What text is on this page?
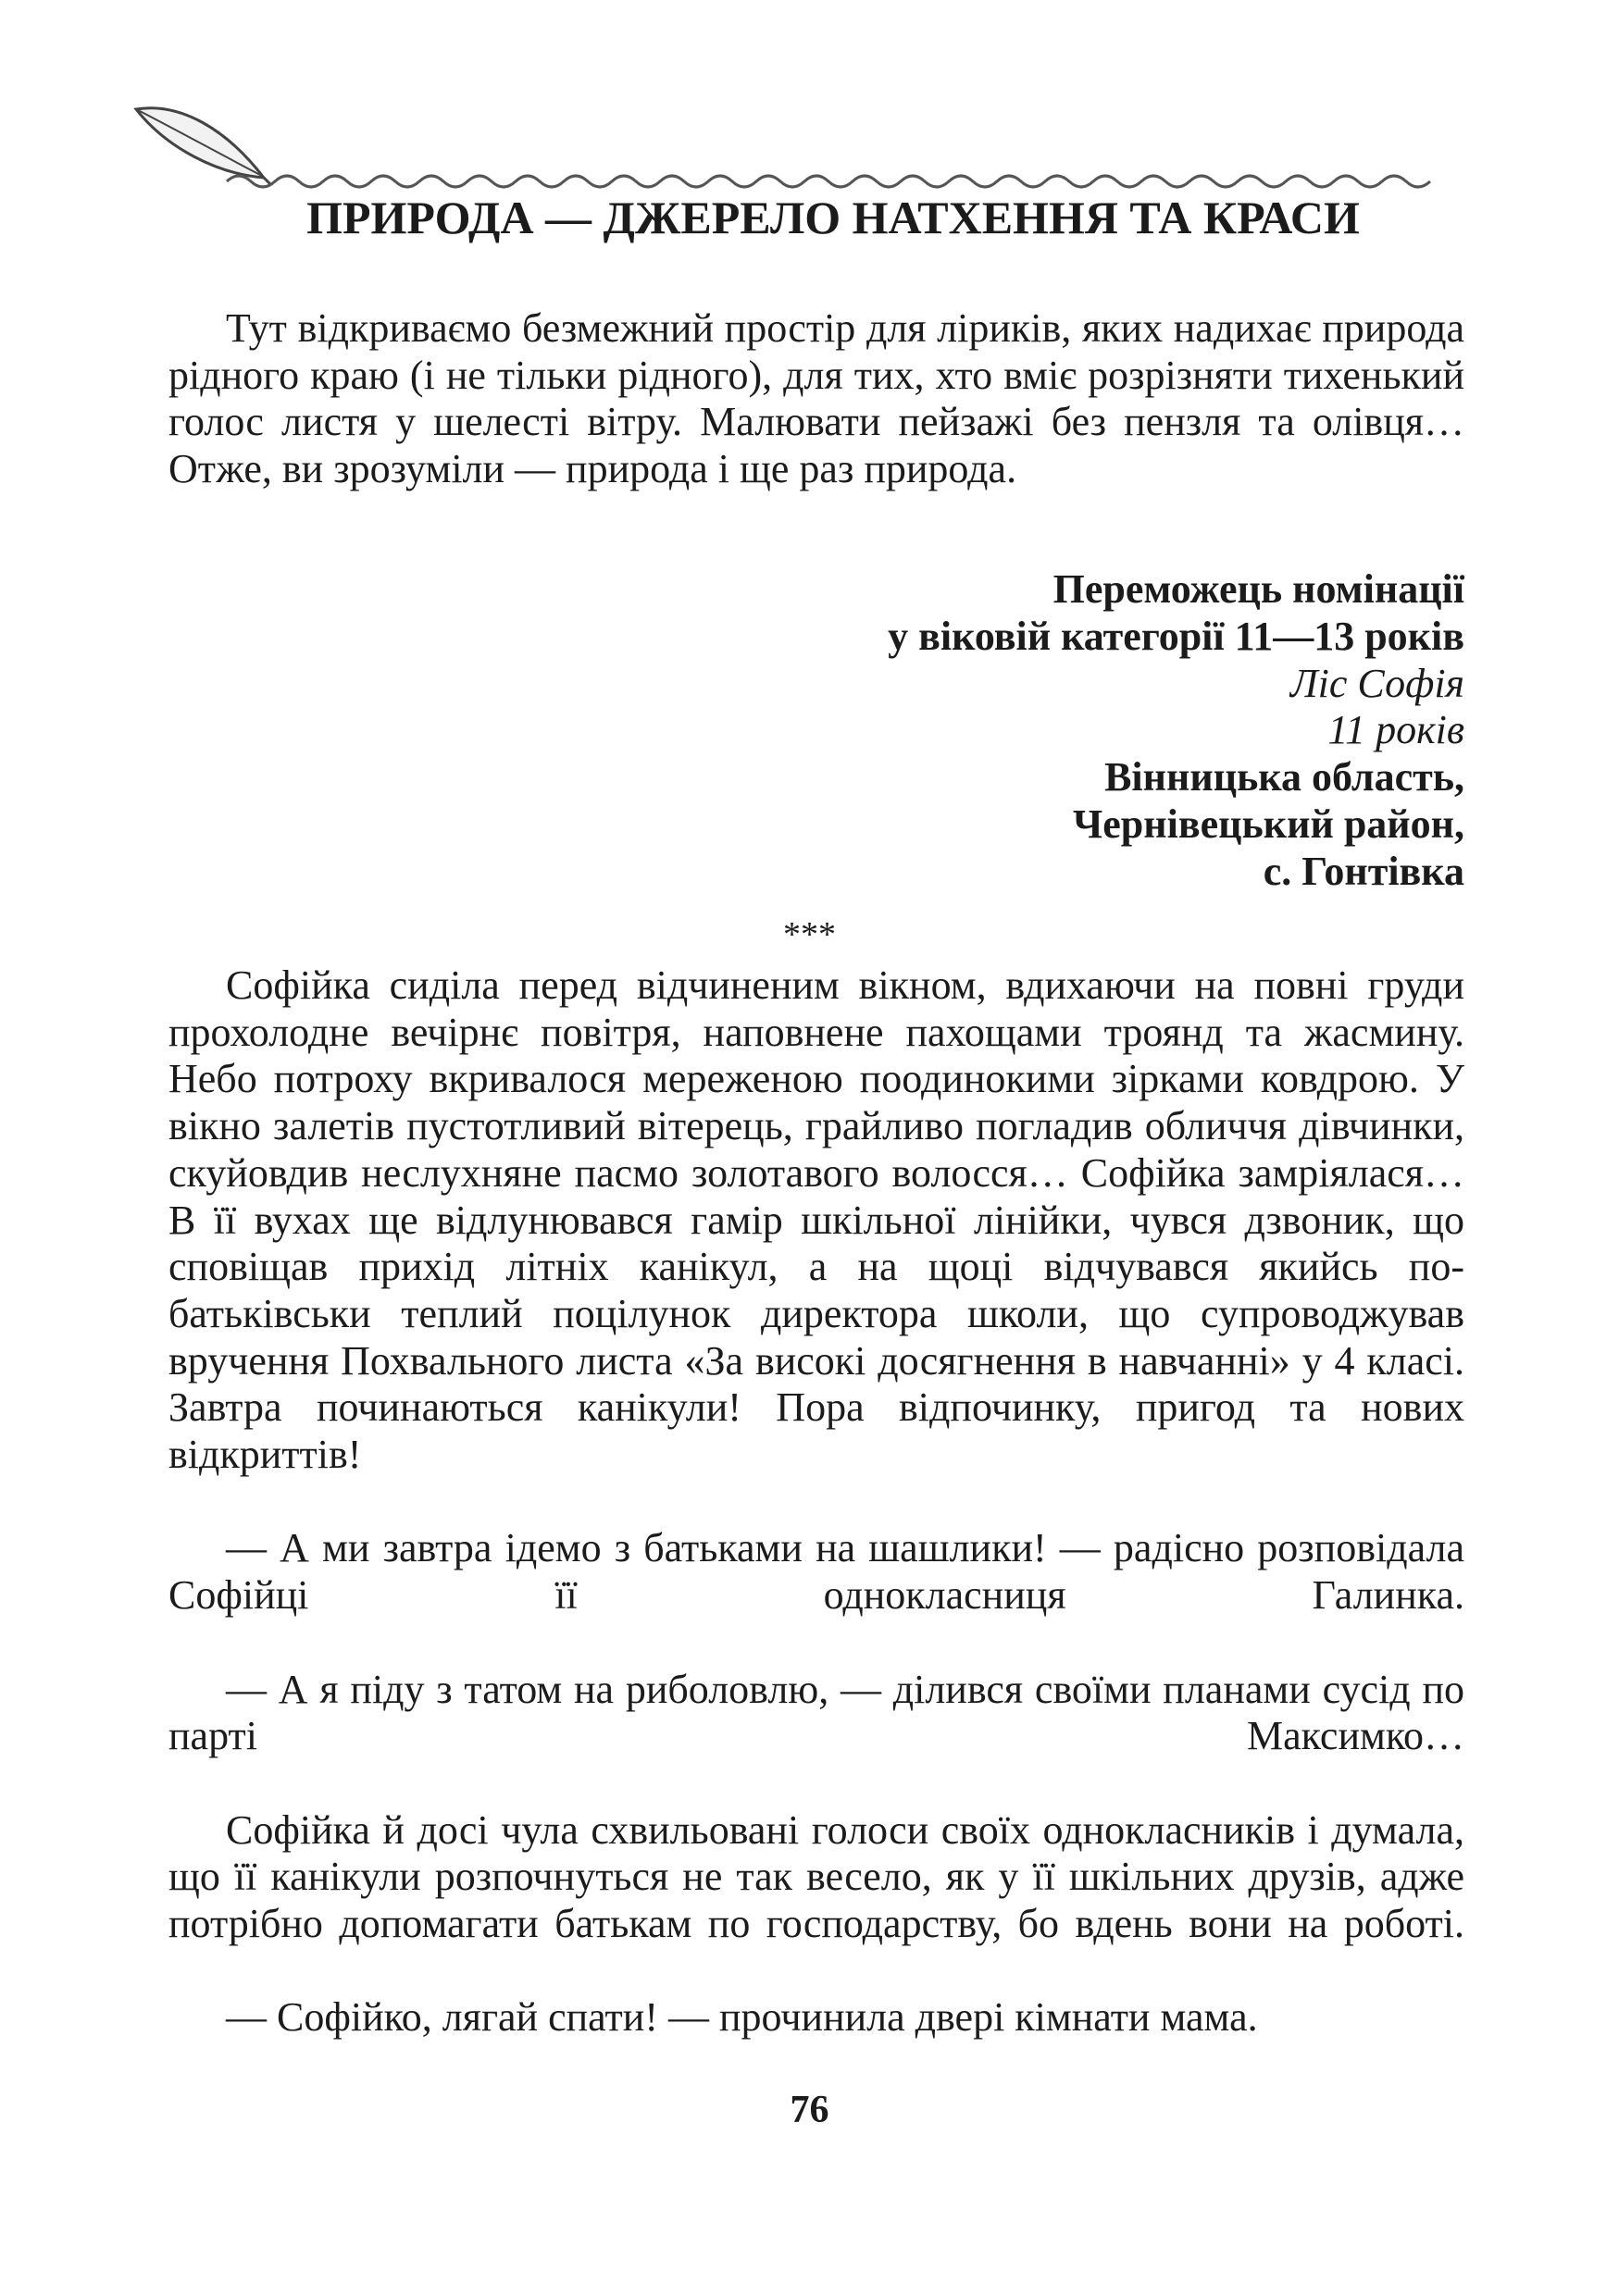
ПРИРОДА — ДЖЕРЕЛО НАТХЕННЯ ТА КРАСИ

Тут відкриваємо безмежний простір для ліриків, яких надихає природа рідного краю (і не тільки рідного), для тих, хто вміє розрізняти тихенький голос листя у шелесті вітру. Малювати пейзажі без пензля та олівця… Отже, ви зрозуміли — природа і ще раз природа.

Переможець номінації
у віковій категорії 11—13 років
Ліс Софія
11 років
Вінницька область,
Чернівецький район,
с. Гонтівка
***

Софійка сиділа перед відчиненим вікном, вдихаючи на повні груди прохолодне вечірнє повітря, наповнене пахощами троянд та жасмину. Небо потроху вкривалося мереженою поодинокими зірками ковдрою. У вікно залетів пустотливий вітерець, грайливо погладив обличчя дівчинки, скуйовдив неслухняне пасмо золотавого волосся… Софійка замріялася… В її вухах ще відлунювався гамір шкільної лінійки, чувся дзвоник, що сповіщав прихід літніх канікул, а на щоці відчувався якийсь по-батьківськи теплий поцілунок директора школи, що супроводжував вручення Похвального листа «За високі досягнення в навчанні» у 4 класі. Завтра починаються канікули! Пора відпочинку, пригод та нових відкриттів!

— А ми завтра ідемо з батьками на шашлики! — радісно розповідала Софійці її однокласниця Галинка.

— А я піду з татом на риболовлю, — ділився своїми планами сусід по парті Максимко…

Софійка й досі чула схвильовані голоси своїх однокласників і думала, що її канікули розпочнуться не так весело, як у її шкільних друзів, адже потрібно допомагати батькам по господарству, бо вдень вони на роботі.

— Софійко, лягай спати! — прочинила двері кімнати мама.

76
